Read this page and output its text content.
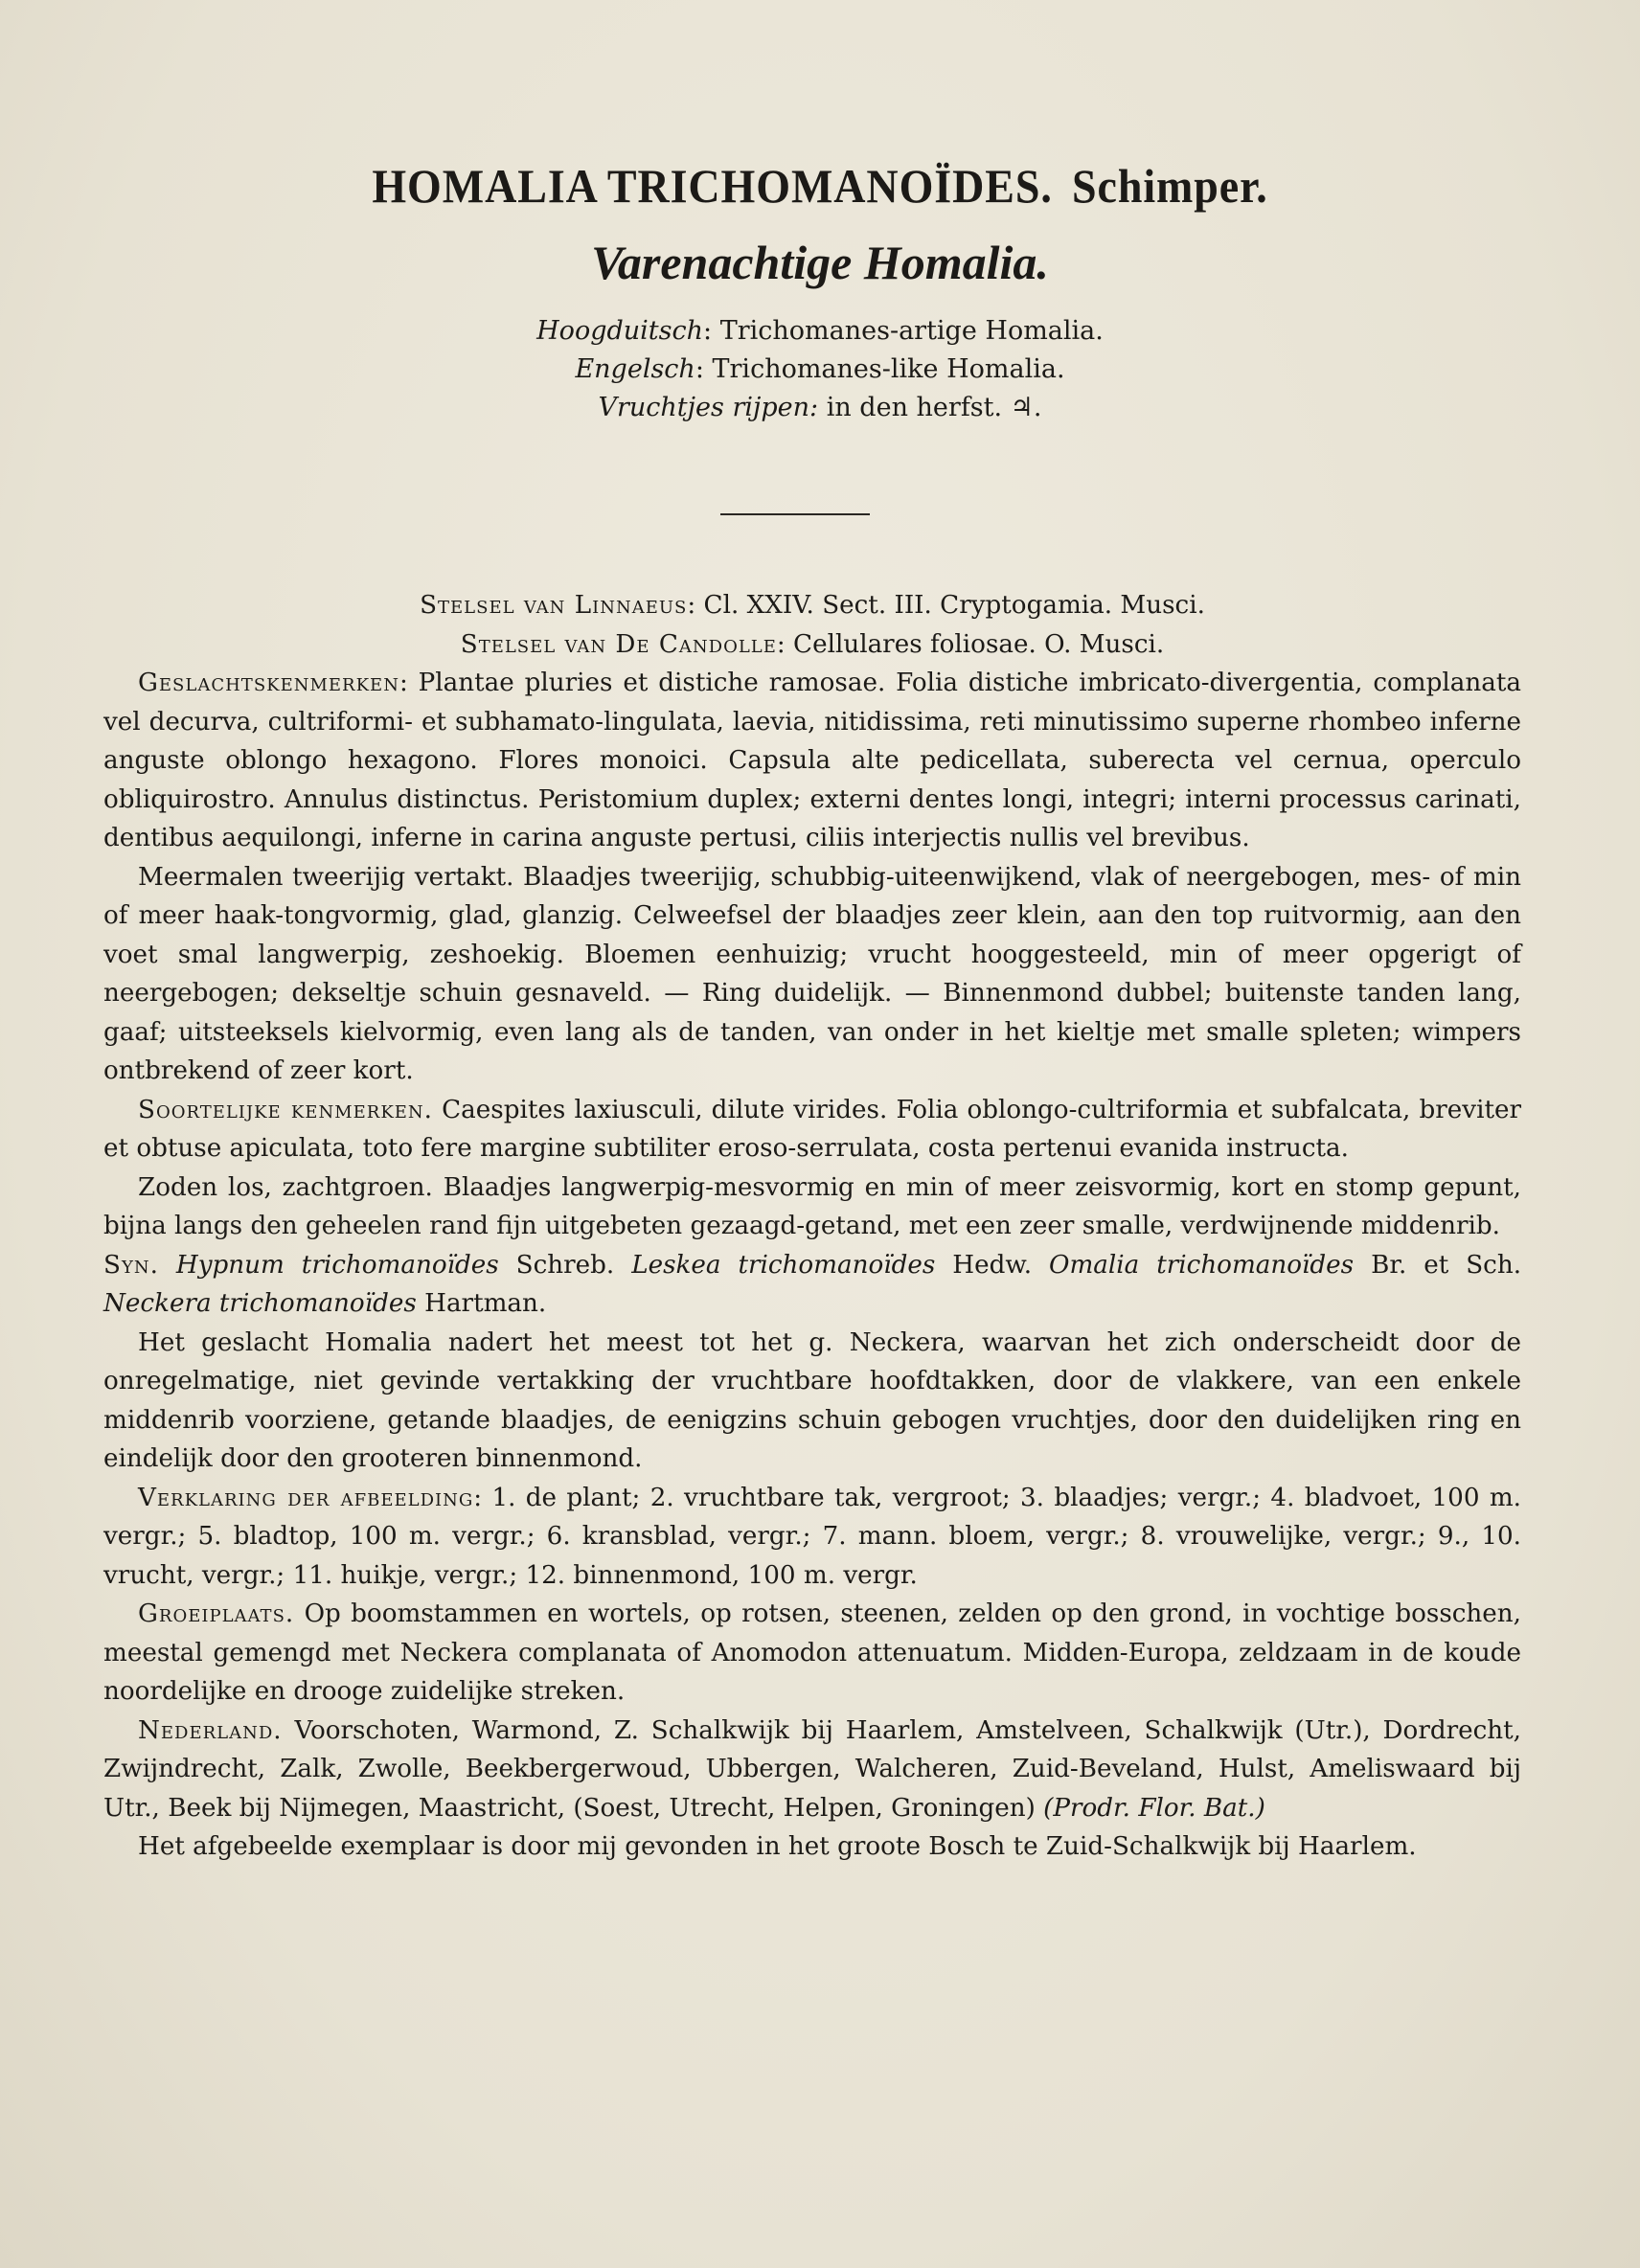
HOMALIA TRICHOMANOÏDES. Schimper.
Varenachtige Homalia.
Hoogduitsch: Trichomanes-artige Homalia.
Engelsch: Trichomanes-like Homalia.
Vruchtjes rijpen: in den herfst. ♃.

Stelsel van Linnaeus: Cl. XXIV. Sect. III. Cryptogamia. Musci.

Stelsel van De Candolle: Cellulares foliosae. O. Musci.

Geslachtskenmerken: Plantae pluries et distiche ramosae. Folia distiche imbricato-divergentia, complanata vel decurva, cultriformi- et subhamato-lingulata, laevia, nitidissima, reti minutissimo superne rhombeo inferne anguste oblongo hexagono. Flores monoici. Capsula alte pedicellata, suberecta vel cernua, operculo obliquirostro. Annulus distinctus. Peristomium duplex; externi dentes longi, integri; interni processus carinati, dentibus aequilongi, inferne in carina anguste pertusi, ciliis interjectis nullis vel brevibus.

Meermalen tweerijig vertakt. Blaadjes tweerijig, schubbig-uiteenwijkend, vlak of neergebogen, mes- of min of meer haak-tongvormig, glad, glanzig. Celweefsel der blaadjes zeer klein, aan den top ruitvormig, aan den voet smal langwerpig, zeshoekig. Bloemen eenhuizig; vrucht hooggesteeld, min of meer opgerigt of neergebogen; dekseltje schuin gesnaveld. — Ring duidelijk. — Binnenmond dubbel; buitenste tanden lang, gaaf; uitsteeksels kielvormig, even lang als de tanden, van onder in het kieltje met smalle spleten; wimpers ontbrekend of zeer kort.

Soortelijke kenmerken. Caespites laxiusculi, dilute virides. Folia oblongo-cultriformia et subfalcata, breviter et obtuse apiculata, toto fere margine subtiliter eroso-serrulata, costa pertenui evanida instructa.

Zoden los, zachtgroen. Blaadjes langwerpig-mesvormig en min of meer zeisvormig, kort en stomp gepunt, bijna langs den geheelen rand fijn uitgebeten gezaagd-getand, met een zeer smalle, verdwijnende middenrib.

Syn. Hypnum trichomanoïdes Schreb. Leskea trichomanoïdes Hedw. Omalia trichomanoïdes Br. et Sch. Neckera trichomanoïdes Hartman.

Het geslacht Homalia nadert het meest tot het g. Neckera, waarvan het zich onderscheidt door de onregelmatige, niet gevinde vertakking der vruchtbare hoofdtakken, door de vlakkere, van een enkele middenrib voorziene, getande blaadjes, de eenigzins schuin gebogen vruchtjes, door den duidelijken ring en eindelijk door den grooteren binnenmond.

Verklaring der afbeelding: 1. de plant; 2. vruchtbare tak, vergroot; 3. blaadjes; vergr.; 4. bladvoet, 100 m. vergr.; 5. bladtop, 100 m. vergr.; 6. kransblad, vergr.; 7. mann. bloem, vergr.; 8. vrouwelijke, vergr.; 9., 10. vrucht, vergr.; 11. huikje, vergr.; 12. binnenmond, 100 m. vergr.

Groeiplaats. Op boomstammen en wortels, op rotsen, steenen, zelden op den grond, in vochtige bosschen, meestal gemengd met Neckera complanata of Anomodon attenuatum. Midden-Europa, zeldzaam in de koude noordelijke en drooge zuidelijke streken.

Nederland. Voorschoten, Warmond, Z. Schalkwijk bij Haarlem, Amstelveen, Schalkwijk (Utr.), Dordrecht, Zwijndrecht, Zalk, Zwolle, Beekbergerwoud, Ubbergen, Walcheren, Zuid-Beveland, Hulst, Ameliswaard bij Utr., Beek bij Nijmegen, Maastricht, (Soest, Utrecht, Helpen, Groningen) (Prodr. Flor. Bat.)

Het afgebeelde exemplaar is door mij gevonden in het groote Bosch te Zuid-Schalkwijk bij Haarlem.
